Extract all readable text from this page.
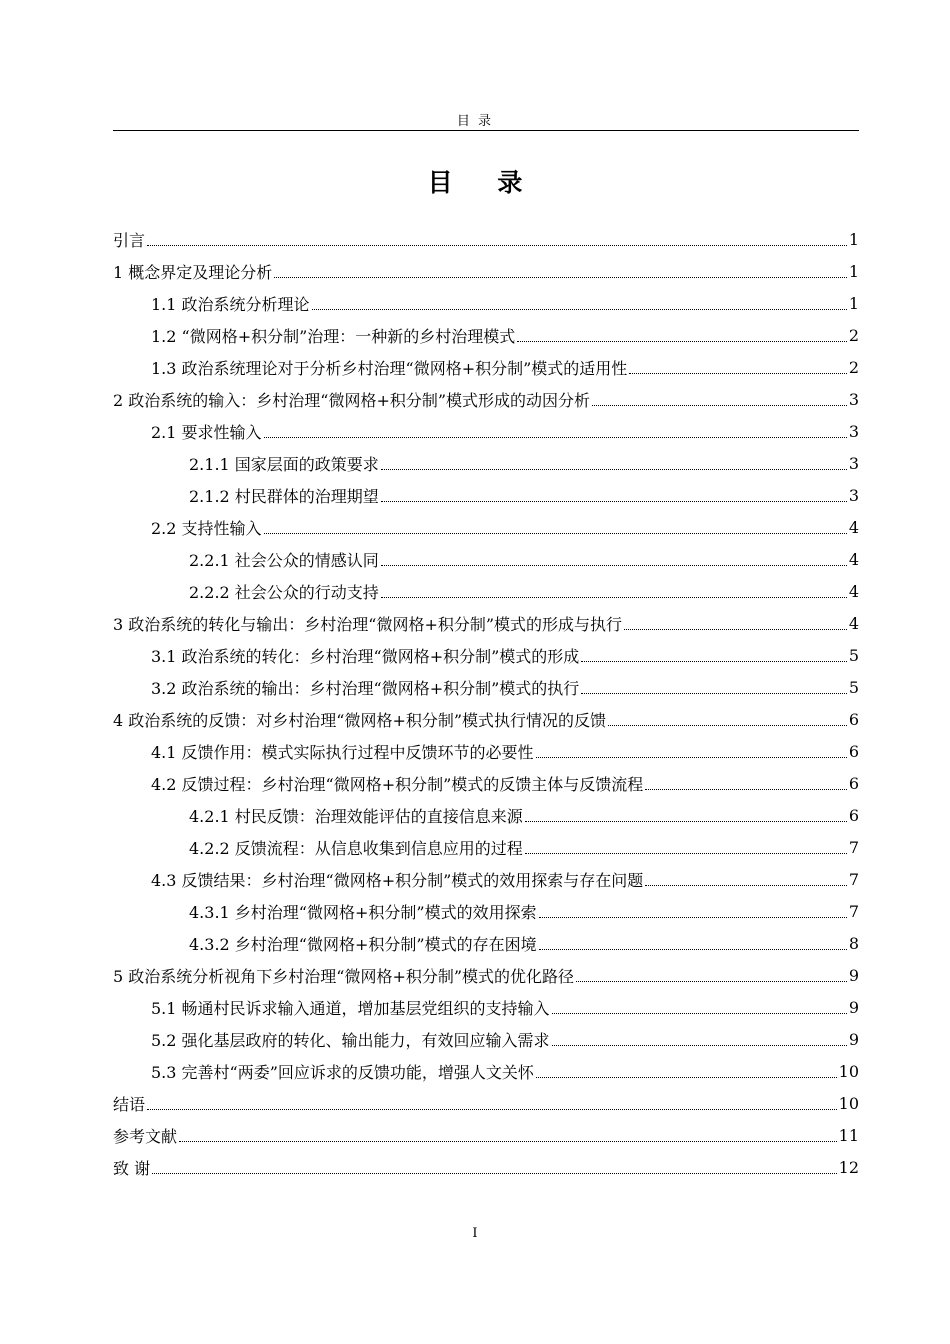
目 录
目 录
引言	1
1 概念界定及理论分析	1
1.1 政治系统分析理论	1
1.2 “微网格+积分制”治理：一种新的乡村治理模式	2
1.3 政治系统理论对于分析乡村治理“微网格+积分制”模式的适用性	2
2 政治系统的输入：乡村治理“微网格+积分制”模式形成的动因分析	3
2.1 要求性输入	3
2.1.1 国家层面的政策要求	3
2.1.2 村民群体的治理期望	3
2.2 支持性输入	4
2.2.1 社会公众的情感认同	4
2.2.2 社会公众的行动支持	4
3 政治系统的转化与输出：乡村治理“微网格+积分制”模式的形成与执行	4
3.1 政治系统的转化：乡村治理“微网格+积分制”模式的形成	5
3.2 政治系统的输出：乡村治理“微网格+积分制”模式的执行	5
4 政治系统的反馈：对乡村治理“微网格+积分制”模式执行情况的反馈	6
4.1 反馈作用：模式实际执行过程中反馈环节的必要性	6
4.2 反馈过程：乡村治理“微网格+积分制”模式的反馈主体与反馈流程	6
4.2.1 村民反馈：治理效能评估的直接信息来源	6
4.2.2 反馈流程：从信息收集到信息应用的过程	7
4.3 反馈结果：乡村治理“微网格+积分制”模式的效用探索与存在问题	7
4.3.1 乡村治理“微网格+积分制”模式的效用探索	7
4.3.2 乡村治理“微网格+积分制”模式的存在困境	8
5 政治系统分析视角下乡村治理“微网格+积分制”模式的优化路径	9
5.1 畅通村民诉求输入通道，增加基层党组织的支持输入	9
5.2 强化基层政府的转化、输出能力，有效回应输入需求	9
5.3 完善村“两委”回应诉求的反馈功能，增强人文关怀	10
结语	10
参考文献	11
致 谢	12
I
